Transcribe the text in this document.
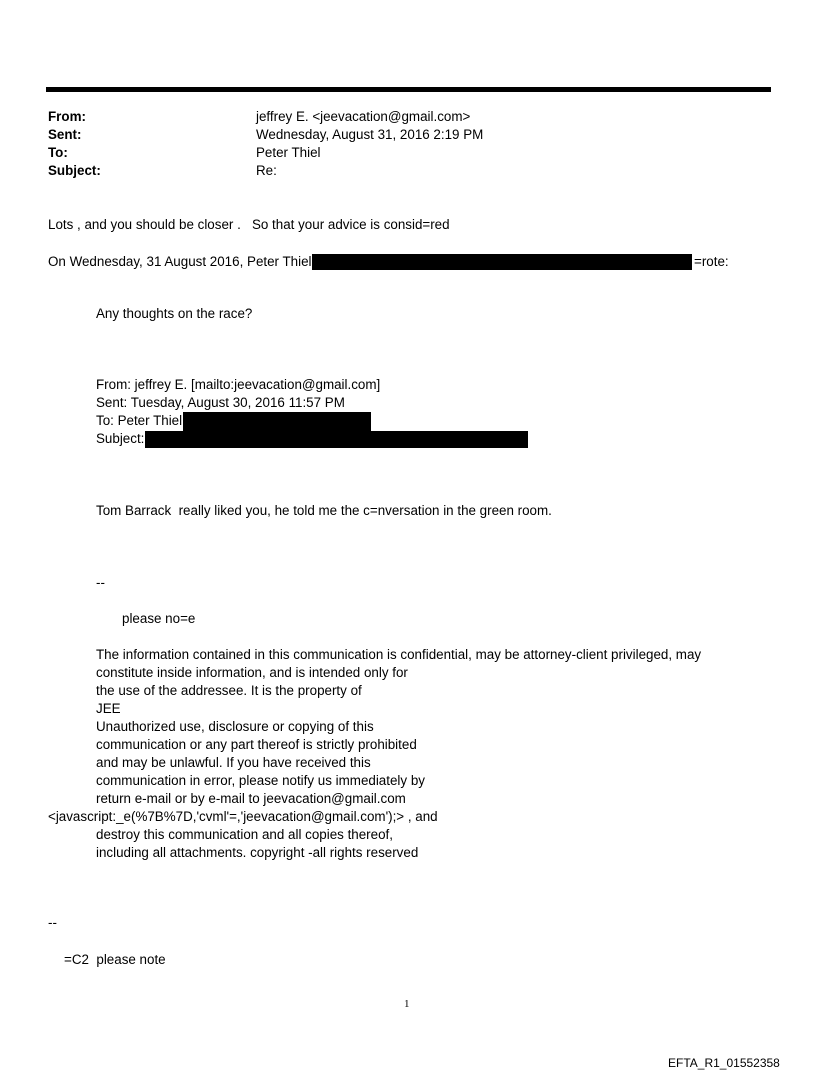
From:	jeffrey E. <jeevacation@gmail.com>
Sent:	Wednesday, August 31, 2016 2:19 PM
To:	Peter Thiel
Subject:	Re:
Lots , and you should be closer .   So that your advice is consid=red
On Wednesday, 31 August 2016, Peter Thiel	=rote:
Any thoughts on the race?
From: jeffrey E. [mailto:jeevacation@gmail.com]
Sent: Tuesday, August 30, 2016 11:57 PM
To: Peter Thiel
Subject:
Tom Barrack  really liked you, he told me the c=nversation in the green room.
--
please no=e
The information contained in this communication is confidential, may be attorney-client privileged, may
constitute inside information, and is intended only for
the use of the addressee. It is the property of
JEE
Unauthorized use, disclosure or copying of this
communication or any part thereof is strictly prohibited
and may be unlawful. If you have received this
communication in error, please notify us immediately by
return e-mail or by e-mail to jeevacation@gmail.com
<javascript:_e(%7B%7D,'cvml'=,'jeevacation@gmail.com');> , and
destroy this communication and all copies thereof,
including all attachments. copyright -all rights reserved
--
=C2  please note
1
EFTA_R1_01552358
